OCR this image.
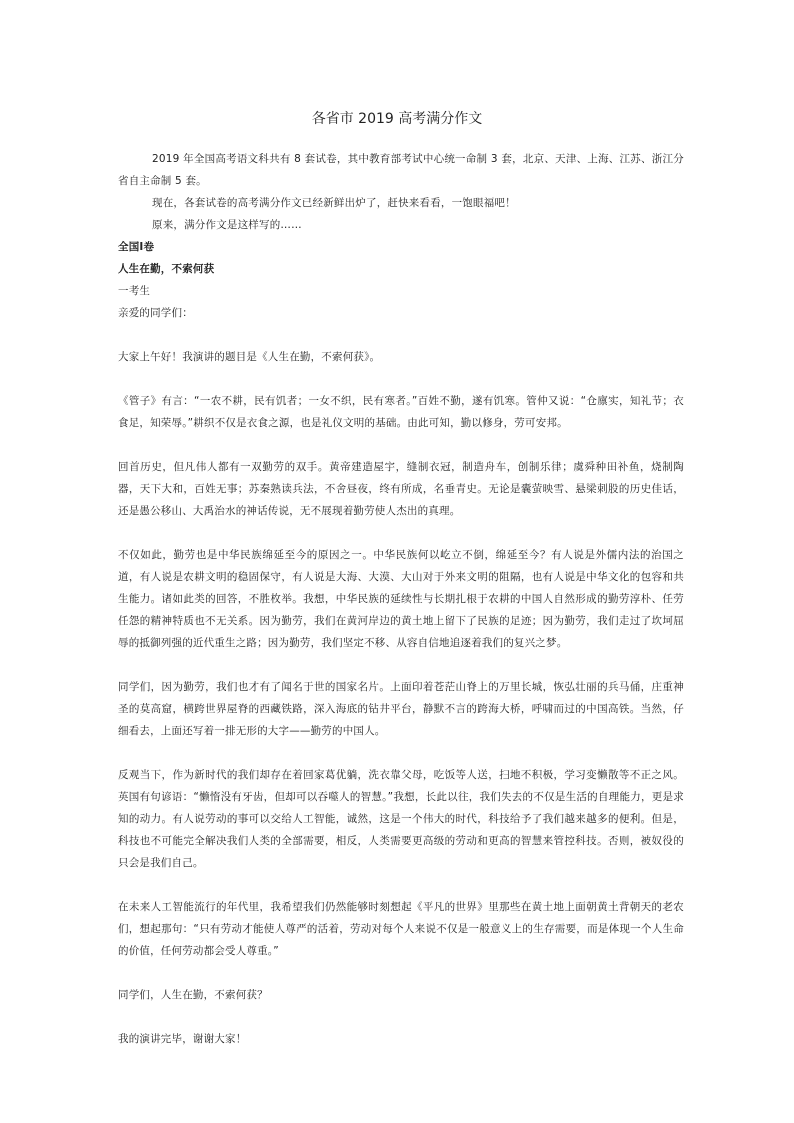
各省市 2019 高考满分作文

2019 年全国高考语文科共有 8 套试卷，其中教育部考试中心统一命制 3 套，北京、天津、上海、江苏、浙江分省自主命制 5 套。

现在，各套试卷的高考满分作文已经新鲜出炉了，赶快来看看，一饱眼福吧！

原来，满分作文是这样写的……

全国Ⅰ卷

人生在勤，不索何获

一考生

亲爱的同学们：

大家上午好！我演讲的题目是《人生在勤，不索何获》。

《管子》有言：“一农不耕，民有饥者；一女不织，民有寒者。”百姓不勤，遂有饥寒。管仲又说：“仓廪实，知礼节；衣食足，知荣辱。”耕织不仅是衣食之源，也是礼仪文明的基础。由此可知，勤以修身，劳可安邦。

回首历史，但凡伟人都有一双勤劳的双手。黄帝建造屋宇，缝制衣冠，制造舟车，创制乐律；虞舜种田补鱼，烧制陶器，天下大和，百姓无事；苏秦熟读兵法，不舍昼夜，终有所成，名垂青史。无论是囊萤映雪、悬梁刺股的历史佳话，还是愚公移山、大禹治水的神话传说，无不展现着勤劳使人杰出的真理。

不仅如此，勤劳也是中华民族绵延至今的原因之一。中华民族何以屹立不倒，绵延至今？有人说是外儒内法的治国之道，有人说是农耕文明的稳固保守，有人说是大海、大漠、大山对于外来文明的阻隔，也有人说是中华文化的包容和共生能力。诸如此类的回答，不胜枚举。我想，中华民族的延续性与长期扎根于农耕的中国人自然形成的勤劳淳朴、任劳任怨的精神特质也不无关系。因为勤劳，我们在黄河岸边的黄土地上留下了民族的足迹；因为勤劳，我们走过了坎坷屈辱的抵御列强的近代重生之路；因为勤劳，我们坚定不移、从容自信地追逐着我们的复兴之梦。

同学们，因为勤劳，我们也才有了闻名于世的国家名片。上面印着苍茫山脊上的万里长城，恢弘壮丽的兵马俑，庄重神圣的莫高窟，横跨世界屋脊的西藏铁路，深入海底的钻井平台，静默不言的跨海大桥，呼啸而过的中国高铁。当然，仔细看去，上面还写着一排无形的大字——勤劳的中国人。

反观当下，作为新时代的我们却存在着回家葛优躺，洗衣靠父母，吃饭等人送，扫地不积极，学习变懒散等不正之风。英国有句谚语：“懒惰没有牙齿，但却可以吞噬人的智慧。”我想，长此以往，我们失去的不仅是生活的自理能力，更是求知的动力。有人说劳动的事可以交给人工智能，诚然，这是一个伟大的时代，科技给予了我们越来越多的便利。但是，科技也不可能完全解决我们人类的全部需要，相反，人类需要更高级的劳动和更高的智慧来管控科技。否则，被奴役的只会是我们自己。

在未来人工智能流行的年代里，我希望我们仍然能够时刻想起《平凡的世界》里那些在黄土地上面朝黄土背朝天的老农们，想起那句：“只有劳动才能使人尊严的活着，劳动对每个人来说不仅是一般意义上的生存需要，而是体现一个人生命的价值，任何劳动都会受人尊重。”

同学们，人生在勤，不索何获？

我的演讲完毕，谢谢大家！
